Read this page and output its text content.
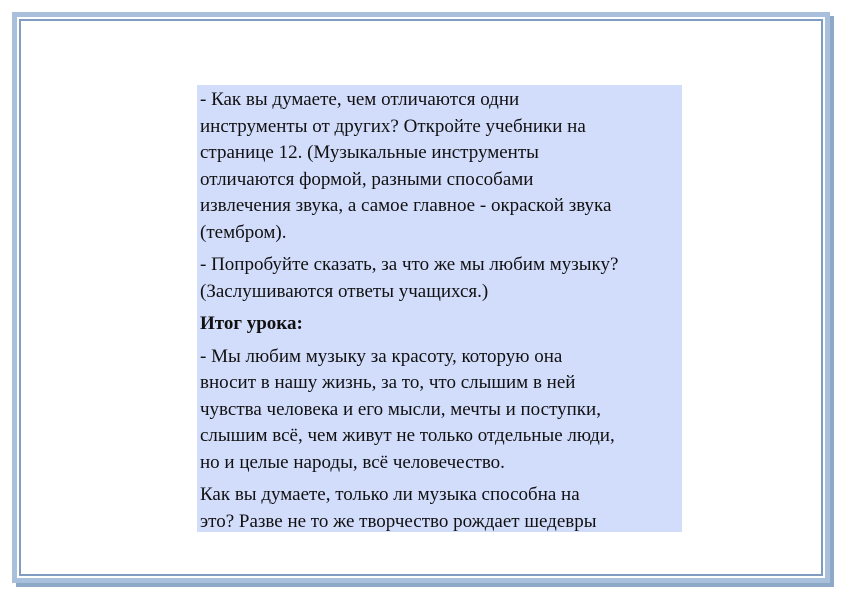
- Как вы думаете, чем отличаются одни
инструменты от других? Откройте учебники на
странице 12. (Музыкальные инструменты
отличаются формой, разными способами
извлечения звука, а самое главное - окраской звука
(тембром).

- Попробуйте сказать, за что же мы любим музыку?
(Заслушиваются ответы учащихся.)

Итог урока:

- Мы любим музыку за красоту, которую она
вносит в нашу жизнь, за то, что слышим в ней
чувства человека и его мысли, мечты и поступки,
слышим всё, чем живут не только отдельные люди,
но и целые народы, всё человечество.

Как вы думаете, только ли музыка способна на
это? Разве не то же творчество рождает шедевры
